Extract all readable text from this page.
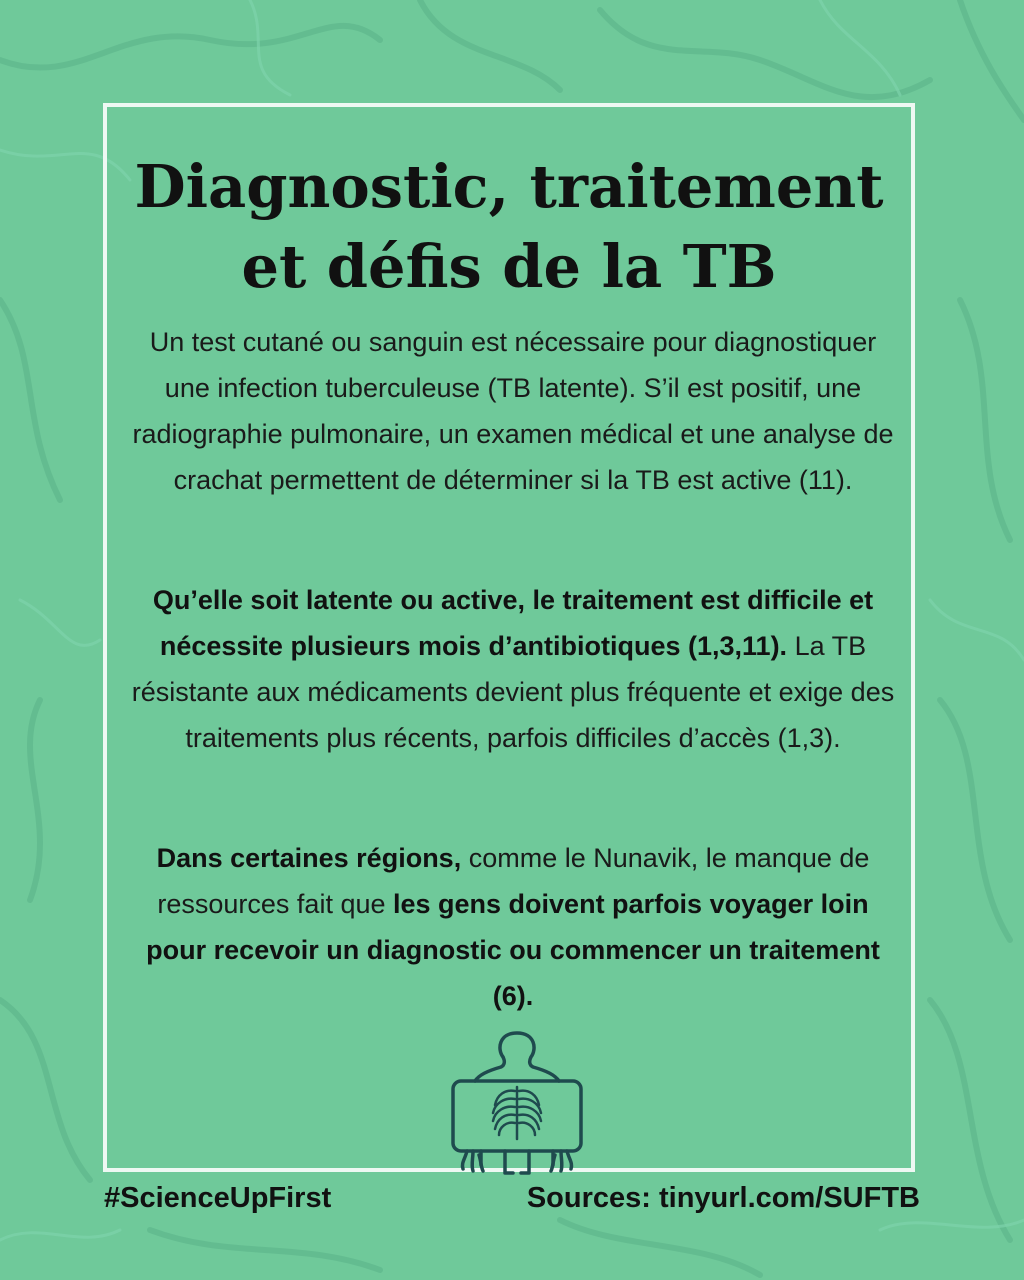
Diagnostic, traitement
et défis de la TB

Un test cutané ou sanguin est nécessaire pour diagnostiquer une infection tuberculeuse (TB latente). S’il est positif, une radiographie pulmonaire, un examen médical et une analyse de crachat permettent de déterminer si la TB est active (11).

Qu’elle soit latente ou active, le traitement est difficile et nécessite plusieurs mois d’antibiotiques (1,3,11). La TB résistante aux médicaments devient plus fréquente et exige des traitements plus récents, parfois difficiles d’accès (1,3).

Dans certaines régions, comme le Nunavik, le manque de ressources fait que les gens doivent parfois voyager loin pour recevoir un diagnostic ou commencer un traitement (6).

#ScienceUpFirst	Sources: tinyurl.com/SUFTB
